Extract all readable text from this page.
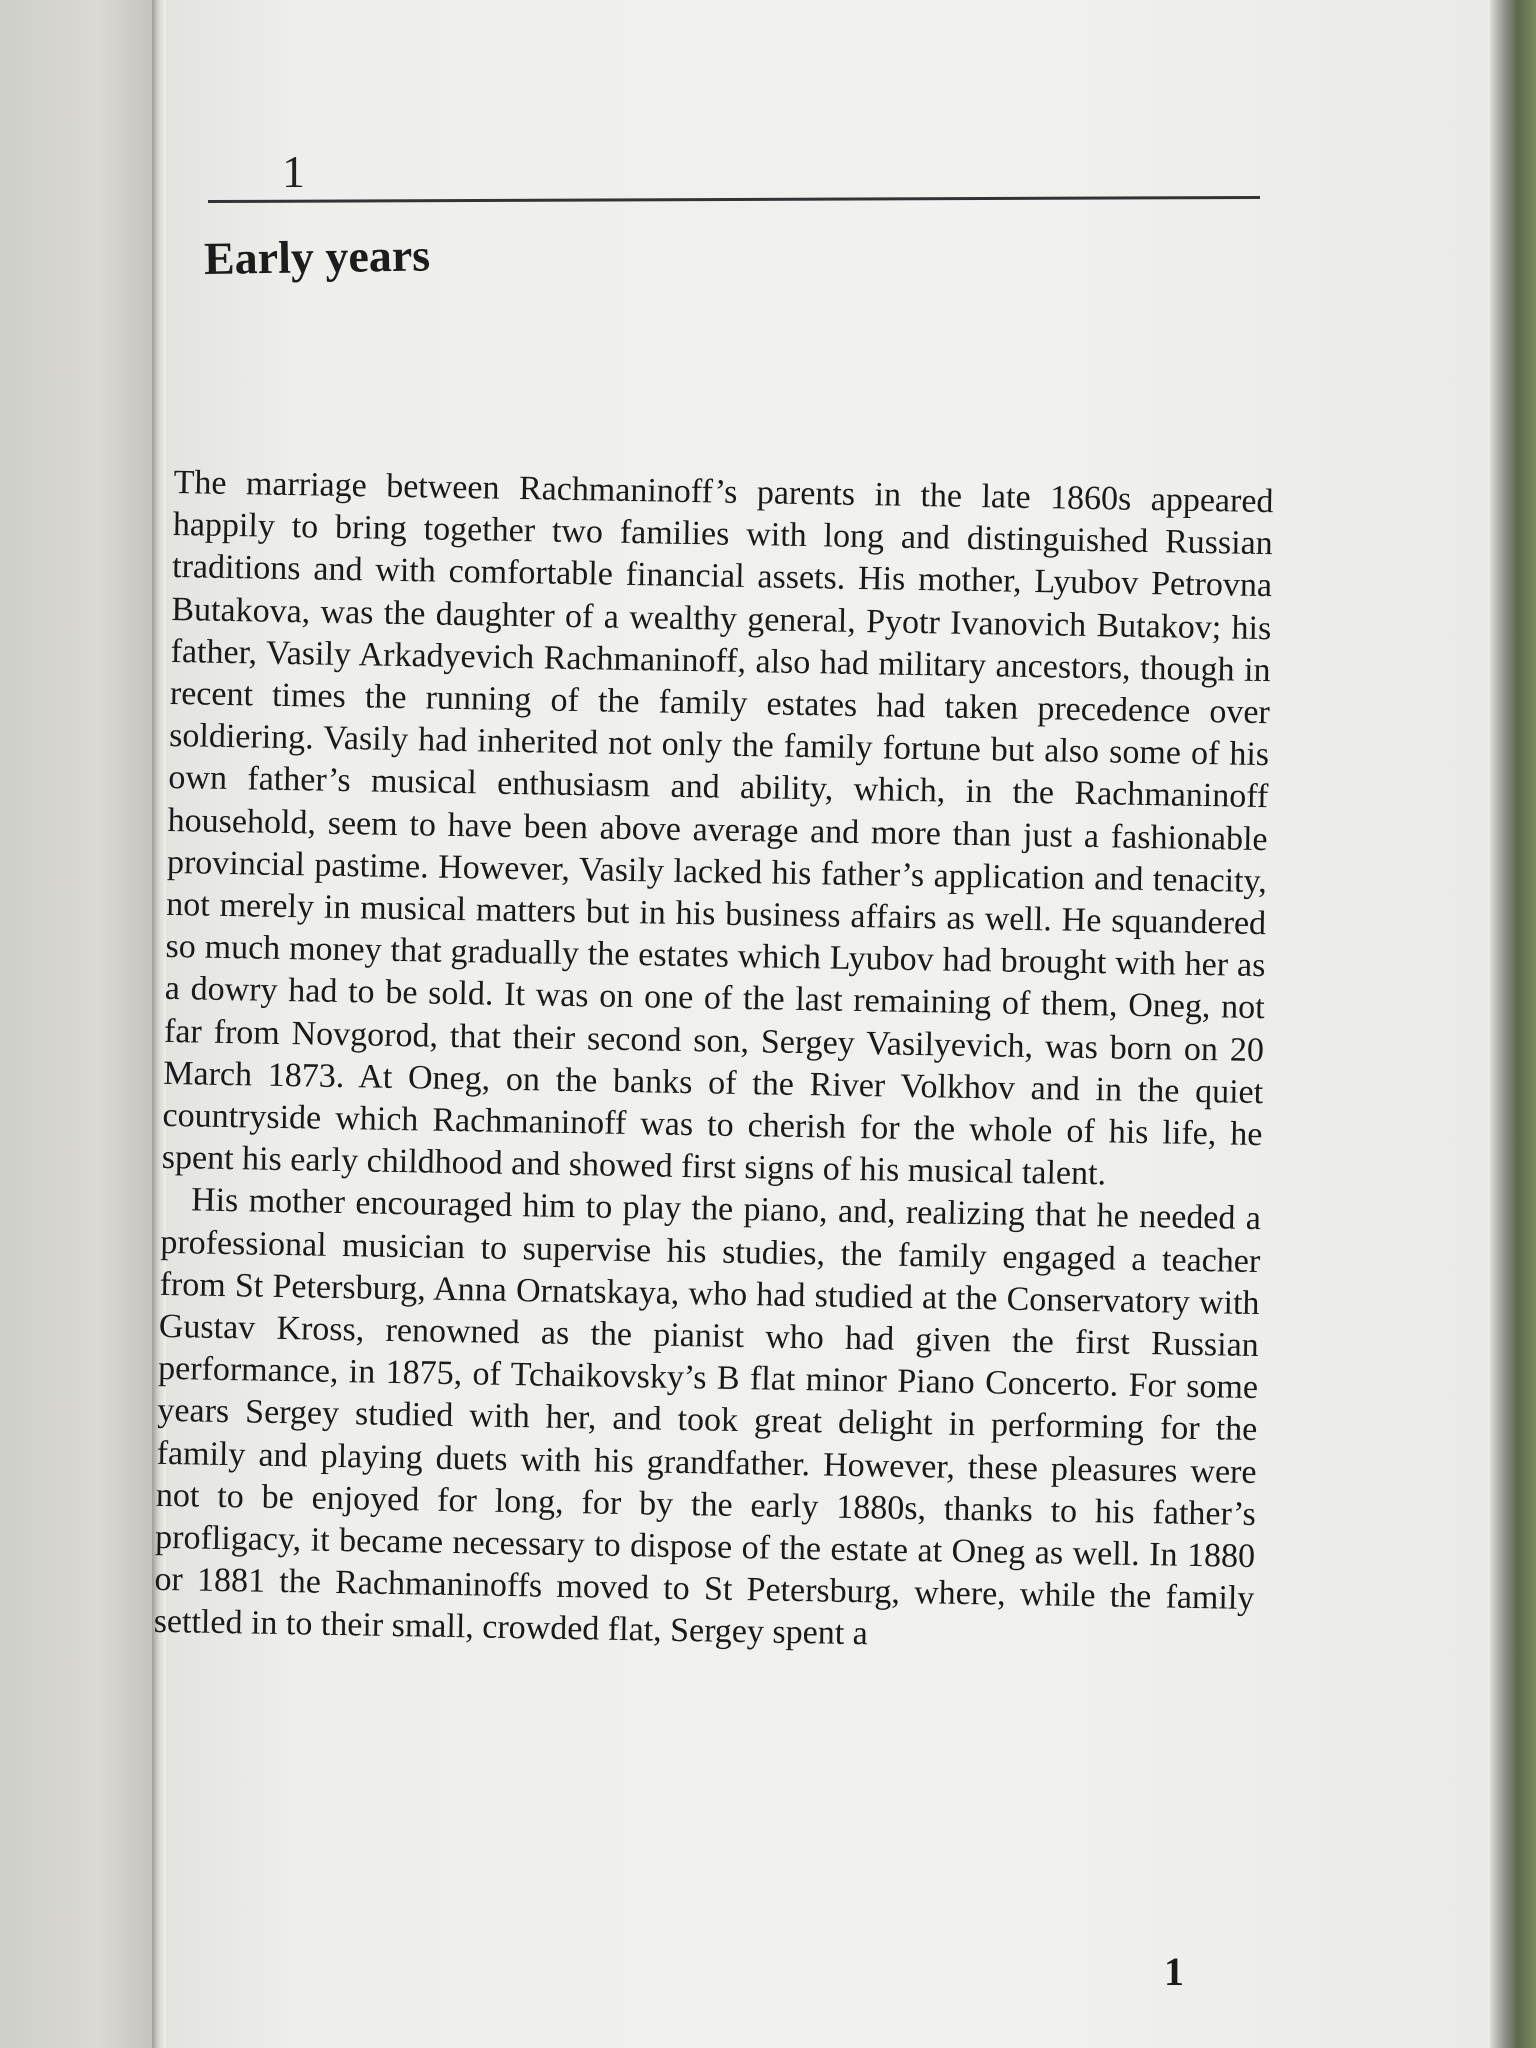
1
Early years

The marriage between Rachmaninoff’s parents in the late 1860s appeared happily to bring together two families with long and distinguished Russian traditions and with comfortable financial assets. His mother, Lyubov Petrovna Butakova, was the daughter of a wealthy general, Pyotr Ivanovich Butakov; his father, Vasily Arkadyevich Rachmaninoff, also had military ancestors, though in recent times the running of the family estates had taken precedence over soldiering. Vasily had inherited not only the family fortune but also some of his own father’s musical enthusiasm and ability, which, in the Rachmaninoff household, seem to have been above average and more than just a fashionable provincial pastime. However, Vasily lacked his father’s application and tenacity, not merely in musical matters but in his business affairs as well. He squandered so much money that gradually the estates which Lyubov had brought with her as a dowry had to be sold. It was on one of the last remaining of them, Oneg, not far from Novgorod, that their second son, Sergey Vasilyevich, was born on 20 March 1873. At Oneg, on the banks of the River Volkhov and in the quiet countryside which Rachmaninoff was to cherish for the whole of his life, he spent his early childhood and showed first signs of his musical talent.

His mother encouraged him to play the piano, and, realizing that he needed a professional musician to supervise his studies, the family engaged a teacher from St Petersburg, Anna Ornatskaya, who had studied at the Conservatory with Gustav Kross, renowned as the pianist who had given the first Russian performance, in 1875, of Tchaikovsky’s B flat minor Piano Concerto. For some years Sergey studied with her, and took great delight in performing for the family and playing duets with his grandfather. However, these pleasures were not to be enjoyed for long, for by the early 1880s, thanks to his father’s profligacy, it became necessary to dispose of the estate at Oneg as well. In 1880 or 1881 the Rachmaninoffs moved to St Petersburg, where, while the family settled in to their small, crowded flat, Sergey spent a

1
